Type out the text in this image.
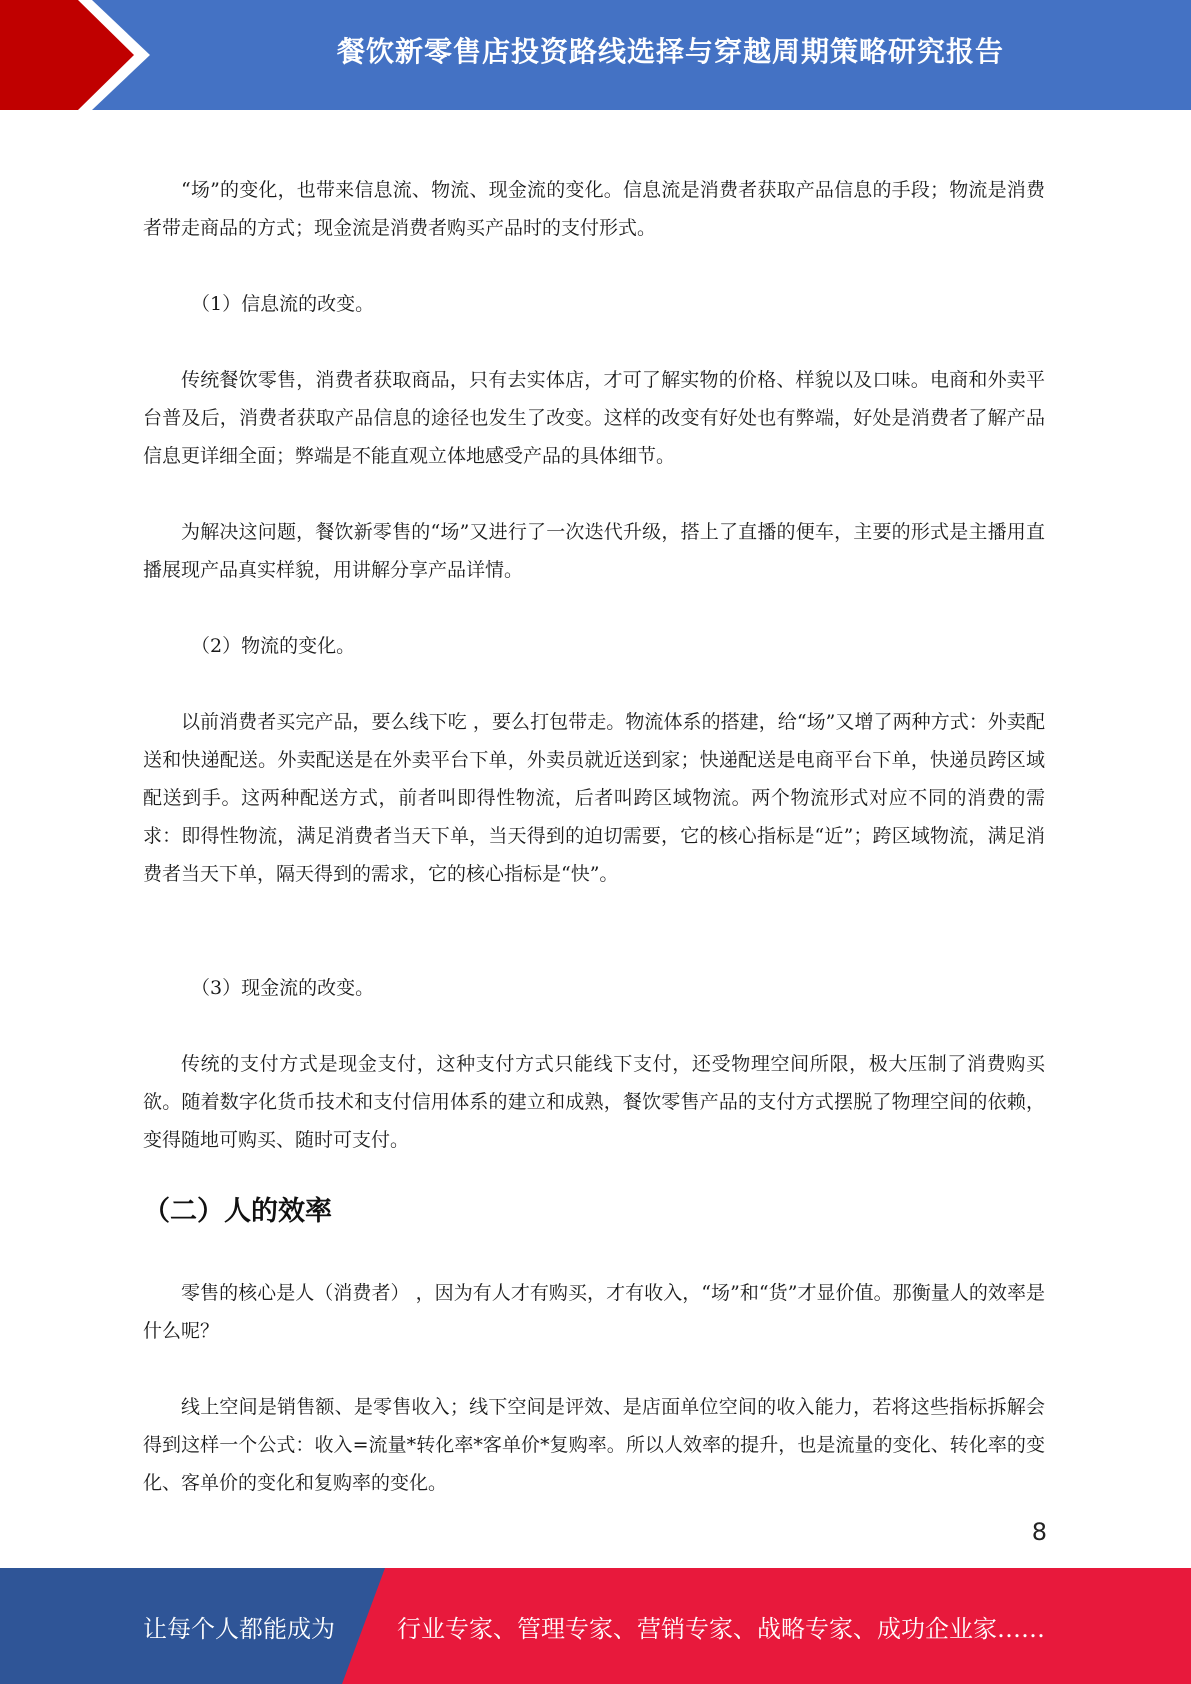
餐饮新零售店投资路线选择与穿越周期策略研究报告

“场”的变化，也带来信息流、物流、现金流的变化。信息流是消费者获取产品信息的手段；物流是消费者带走商品的方式；现金流是消费者购买产品时的支付形式。

（1）信息流的改变。

传统餐饮零售，消费者获取商品，只有去实体店，才可了解实物的价格、样貌以及口味。电商和外卖平台普及后，消费者获取产品信息的途径也发生了改变。这样的改变有好处也有弊端，好处是消费者了解产品信息更详细全面；弊端是不能直观立体地感受产品的具体细节。

为解决这问题，餐饮新零售的“场”又进行了一次迭代升级，搭上了直播的便车，主要的形式是主播用直播展现产品真实样貌，用讲解分享产品详情。

（2）物流的变化。

以前消费者买完产品，要么线下吃 ，要么打包带走。物流体系的搭建，给“场”又增了两种方式：外卖配送和快递配送。外卖配送是在外卖平台下单，外卖员就近送到家；快递配送是电商平台下单，快递员跨区域配送到手。这两种配送方式，前者叫即得性物流，后者叫跨区域物流。两个物流形式对应不同的消费的需求：即得性物流，满足消费者当天下单，当天得到的迫切需要，它的核心指标是“近”；跨区域物流，满足消费者当天下单，隔天得到的需求，它的核心指标是“快”。

（3）现金流的改变。

传统的支付方式是现金支付，这种支付方式只能线下支付，还受物理空间所限，极大压制了消费购买欲。随着数字化货币技术和支付信用体系的建立和成熟，餐饮零售产品的支付方式摆脱了物理空间的依赖，变得随地可购买、随时可支付。

（二）人的效率

零售的核心是人（消费者） ，因为有人才有购买，才有收入，“场”和“货”才显价值。那衡量人的效率是什么呢？

线上空间是销售额、是零售收入；线下空间是评效、是店面单位空间的收入能力，若将这些指标拆解会得到这样一个公式：收入=流量*转化率*客单价*复购率。所以人效率的提升，也是流量的变化、转化率的变化、客单价的变化和复购率的变化。

8
让每个人都能成为	行业专家、管理专家、营销专家、战略专家、成功企业家……
